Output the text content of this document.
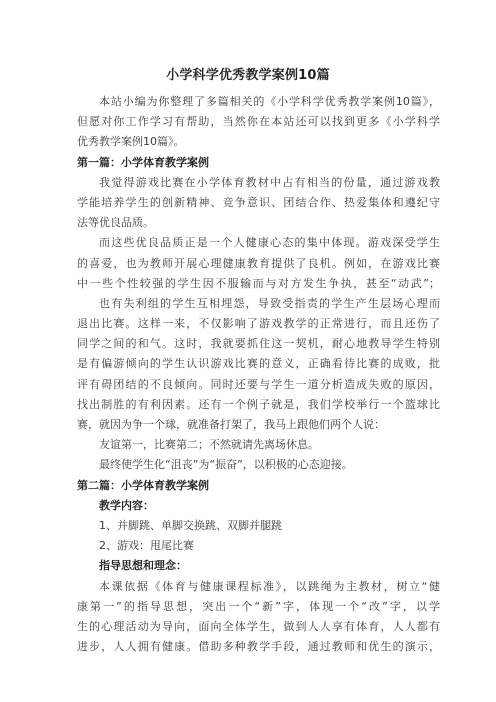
小学科学优秀教学案例10篇
本站小编为你整理了多篇相关的《小学科学优秀教学案例10篇》，
但愿对你工作学习有帮助，当然你在本站还可以找到更多《小学科学
优秀教学案例10篇》。
第一篇：小学体育教学案例
我觉得游戏比赛在小学体育教材中占有相当的份量，通过游戏教
学能培养学生的创新精神、竞争意识、团结合作、热爱集体和遵纪守
法等优良品质。
而这些优良品质正是一个人健康心态的集中体现。游戏深受学生
的喜爱，也为教师开展心理健康教育提供了良机。例如，在游戏比赛
中一些个性较强的学生因不服输而与对方发生争执，甚至“动武”；
也有失利组的学生互相埋怨，导致受指责的学生产生层场心理而
退出比赛。这样一来，不仅影响了游戏教学的正常进行，而且还伤了
同学之间的和气。这时，我就要抓住这一契机，耐心地教导学生特别
是有偏游倾向的学生认识游戏比赛的意义，正确看待比赛的成败，批
评有碍团结的不良倾向。同时还要与学生一道分析造成失败的原因，
找出制胜的有利因素。还有一个例子就是，我们学校举行一个篮球比
赛，就因为争一个球，就准备打架了，我马上跟他们两个人说：
友谊第一，比赛第二；不然就请先离场休息。
最终使学生化“沮丧”为“振奋”，以积极的心态迎接。
第二篇：小学体育教学案例
教学内容：
1、并脚跳、单脚交换跳、双脚并腿跳
2、游戏：甩尾比赛
指导思想和理念：
本课依据《体育与健康课程标准》，以跳绳为主教材，树立“健
康第一”的指导思想，突出一个“新”字，体现一个“改”字，以学
生的心理活动为导向，面向全体学生，做到人人享有体育，人人都有
进步，人人拥有健康。借助多种教学手段，通过教师和优生的演示，
